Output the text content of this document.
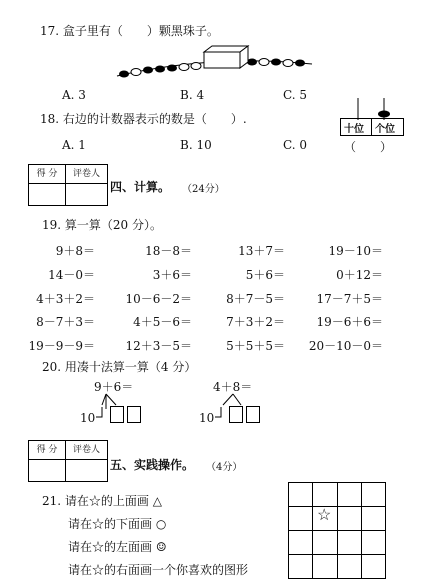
17. 盒子里有（　　）颗黑珠子。
A. 3	B. 4	C. 5
18. 右边的计数器表示的数是（　　）.
十位 个位
（　　）
A. 1	B. 10	C. 0
得 分	评卷人
四、计算。 （24分）
19. 算一算（20 分）。
9＋8＝	18－8＝	13＋7＝	19－10＝
14－0＝	3＋6＝	5＋6＝	0＋12＝
4＋3＋2＝	10－6－2＝	8＋7－5＝	17－7＋5＝
8－7＋3＝	4＋5－6＝	7＋3＋2＝	19－6＋6＝
19－9－9＝	12＋3－5＝	5＋5＋5＝ 20－10－0＝
20. 用凑十法算一算（4 分）
9＋6＝
10
4＋8＝
10
得 分	评卷人
五、实践操作。 （4分）
21. 请在☆的上面画 △
请在☆的下面画 ○
请在☆的左面画 ☺
请在☆的右面画一个你喜欢的图形
☆
